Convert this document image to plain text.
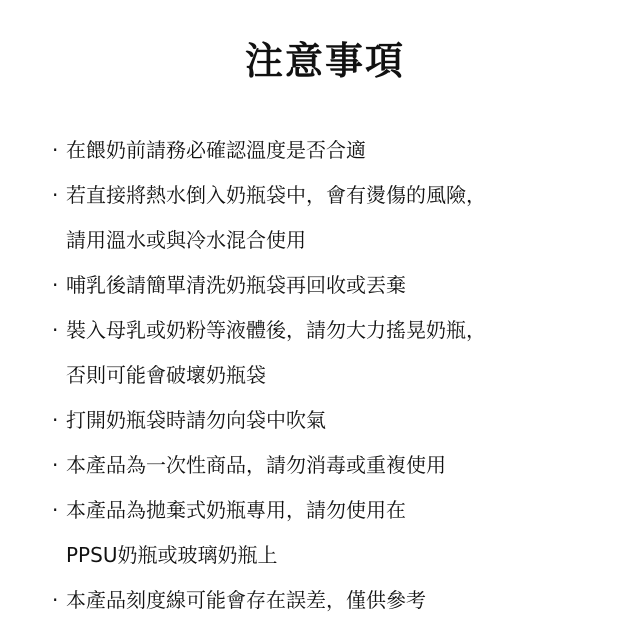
注意事項
· 在餵奶前請務必確認溫度是否合適
· 若直接將熱水倒入奶瓶袋中，會有燙傷的風險，
請用溫水或與冷水混合使用
· 哺乳後請簡單清洗奶瓶袋再回收或丟棄
· 裝入母乳或奶粉等液體後，請勿大力搖晃奶瓶，
否則可能會破壞奶瓶袋
· 打開奶瓶袋時請勿向袋中吹氣
· 本產品為一次性商品，請勿消毒或重複使用
· 本產品為拋棄式奶瓶專用，請勿使用在
PPSU奶瓶或玻璃奶瓶上
· 本產品刻度線可能會存在誤差，僅供參考
